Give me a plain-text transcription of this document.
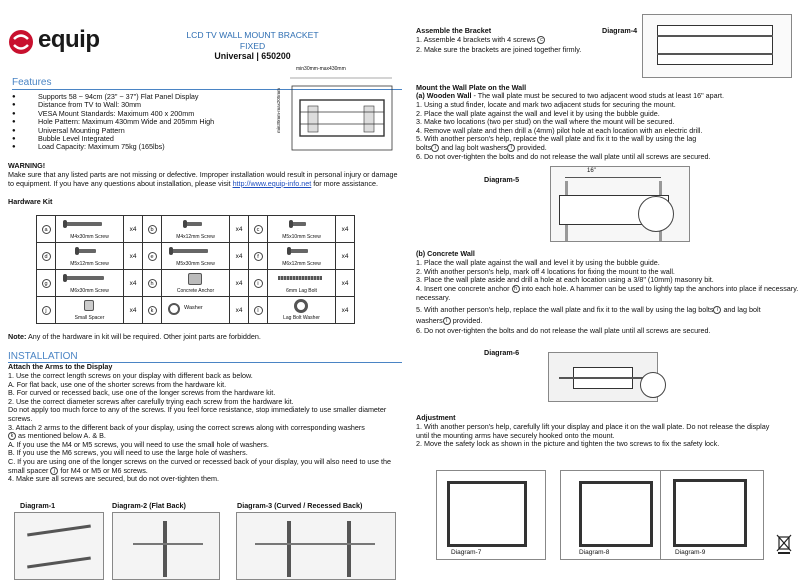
equip	LCD TV WALL MOUNT BRACKET
FIXED
Universal | 650200
Features
● Supports 58 ~ 94cm (23" ~ 37") Flat Panel Display
● Distance from TV to Wall: 30mm
● VESA Mount Standards: Maximum 400 x 200mm
● Hole Pattern: Maximum 430mm Wide and 205mm High
● Universal Mounting Pattern
● Bubble Level Integrated
● Load Capacity: Maximum 75kg (165lbs)
min30mm-max430mm
min30mm-max205mm
WARNING!
Make sure that any listed parts are not missing or defective. Improper installation would result in personal injury or damage to equipment. If you have any questions about installation, please visit http://www.equip-info.net for more assistance.
Hardware Kit
a	M4x30mm Screw	x4	b	M4x12mm Screw	x4	c	M5x10mm Screw	x4
d	M5x12mm Screw	x4	e	M5x30mm Screw	x4	f	M6x12mm Screw	x4
g	M6x30mm Screw	x4	h	Concrete Anchor	x4	i	6mm Lag Bolt	x4
j	Small Spacer	x4	k	Washer	x4	l	Lag Bolt Washer	x4
Note: Any of the hardware in kit will be required. Other joint parts are forbidden.
INSTALLATION
Attach the Arms to the Display
1. Use the correct length screws on your display with different back as below.
A. For flat back, use one of the shorter screws from the hardware kit.
B. For curved or recessed back, use one of the longer screws from the hardware kit.
2. Use the correct diameter screws after carefully trying each screw from the hardware kit.
Do not apply too much force to any of the screws. If you feel force resistance, stop immediately to use smaller diameter screws.
3. Attach 2 arms to the different back of your display, using the correct screws along with corresponding washers
k as mentioned below A. & B.
A. If you use the M4 or M5 screws, you will need to use the small hole of washers.
B. If you use the M6 screws, you will need to use the large hole of washers.
C. If you are using one of the longer screws on the curved or recessed back of your display, you will also need to use the small spacer j for M4 or M5 or M6 screws.
4. Make sure all screws are secured, but do not over-tighten them.
Diagram-1	Diagram-2 (Flat Back)	Diagram-3 (Curved / Recessed Back)
Assemble the Bracket	Diagram-4
1. Assemble 4 brackets with 4 screws c
2. Make sure the brackets are joined together firmly.
Mount the Wall Plate on the Wall
(a) Wooden Wall - The wall plate must be secured to two adjacent wood studs at least 16" apart.
1. Using a stud finder, locate and mark two adjacent studs for securing the mount.
2. Place the wall plate against the wall and level it by using the bubble guide.
3. Make two locations (two per stud) on the wall where the mount will be secured.
4. Remove wall plate and then drill a (4mm) pilot hole at each location with an electric drill.
5. With another person's help, replace the wall plate and fix it to the wall by using the lag
bolts i and lag bolt washers l provided.
6. Do not over-tighten the bolts and do not release the wall plate until all screws are secured.
Diagram-5
16"
(b) Concrete Wall
1. Place the wall plate against the wall and level it by using the bubble guide.
2. With another person's help, mark off 4 locations for fixing the mount to the wall.
3. Place the wall plate aside and drill a hole at each location using a 3/8" (10mm) masonry bit.
4. Insert one concrete anchor h into each hole. A hammer can be used to lightly tap the anchors into place if necessary.
necessary.
5. With another person's help, replace the wall plate and fix it to the wall by using the lag bolts i and lag bolt
washers l provided.
6. Do not over-tighten the bolts and do not release the wall plate until all screws are secured.
Diagram-6
Adjustment
1. With another person's help, carefully lift your display and place it on the wall plate. Do not release the display
until the mounting arms have securely hooked onto the mount.
2. Move the safety lock as shown in the picture and tighten the two screws to fix the safety lock.
Diagram-7	Diagram-8	Diagram-9
